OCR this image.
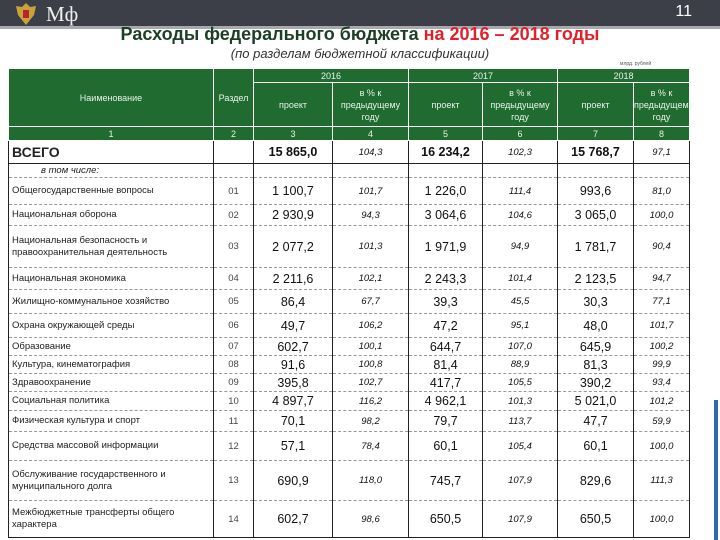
Мф	11
Расходы федерального бюджета на 2016 – 2018 годы
(по разделам бюджетной классификации)
млрд. рублей
Наименование	Раздел	2016		2017		2018	
		проект	в % к предыдущему году	проект	в % к предыдущему году	проект	в % к предыдущему году
1	2	3	4	5	6	7	8
ВСЕГО		15 865,0	104,3	16 234,2	102,3	15 768,7	97,1
в том числе:							
Общегосударственные вопросы	01	1 100,7	101,7	1 226,0	111,4	993,6	81,0
Национальная оборона	02	2 930,9	94,3	3 064,6	104,6	3 065,0	100,0
Национальная безопасность и правоохранительная деятельность	03	2 077,2	101,3	1 971,9	94,9	1 781,7	90,4
Национальная экономика	04	2 211,6	102,1	2 243,3	101,4	2 123,5	94,7
Жилищно-коммунальное хозяйство	05	86,4	67,7	39,3	45,5	30,3	77,1
Охрана окружающей среды	06	49,7	106,2	47,2	95,1	48,0	101,7
Образование	07	602,7	100,1	644,7	107,0	645,9	100,2
Культура, кинематография	08	91,6	100,8	81,4	88,9	81,3	99,9
Здравоохранение	09	395,8	102,7	417,7	105,5	390,2	93,4
Социальная политика	10	4 897,7	116,2	4 962,1	101,3	5 021,0	101,2
Физическая культура и спорт	11	70,1	98,2	79,7	113,7	47,7	59,9
Средства массовой информации	12	57,1	78,4	60,1	105,4	60,1	100,0
Обслуживание государственного и муниципального долга	13	690,9	118,0	745,7	107,9	829,6	111,3
Межбюджетные трансферты общего характера	14	602,7	98,6	650,5	107,9	650,5	100,0
